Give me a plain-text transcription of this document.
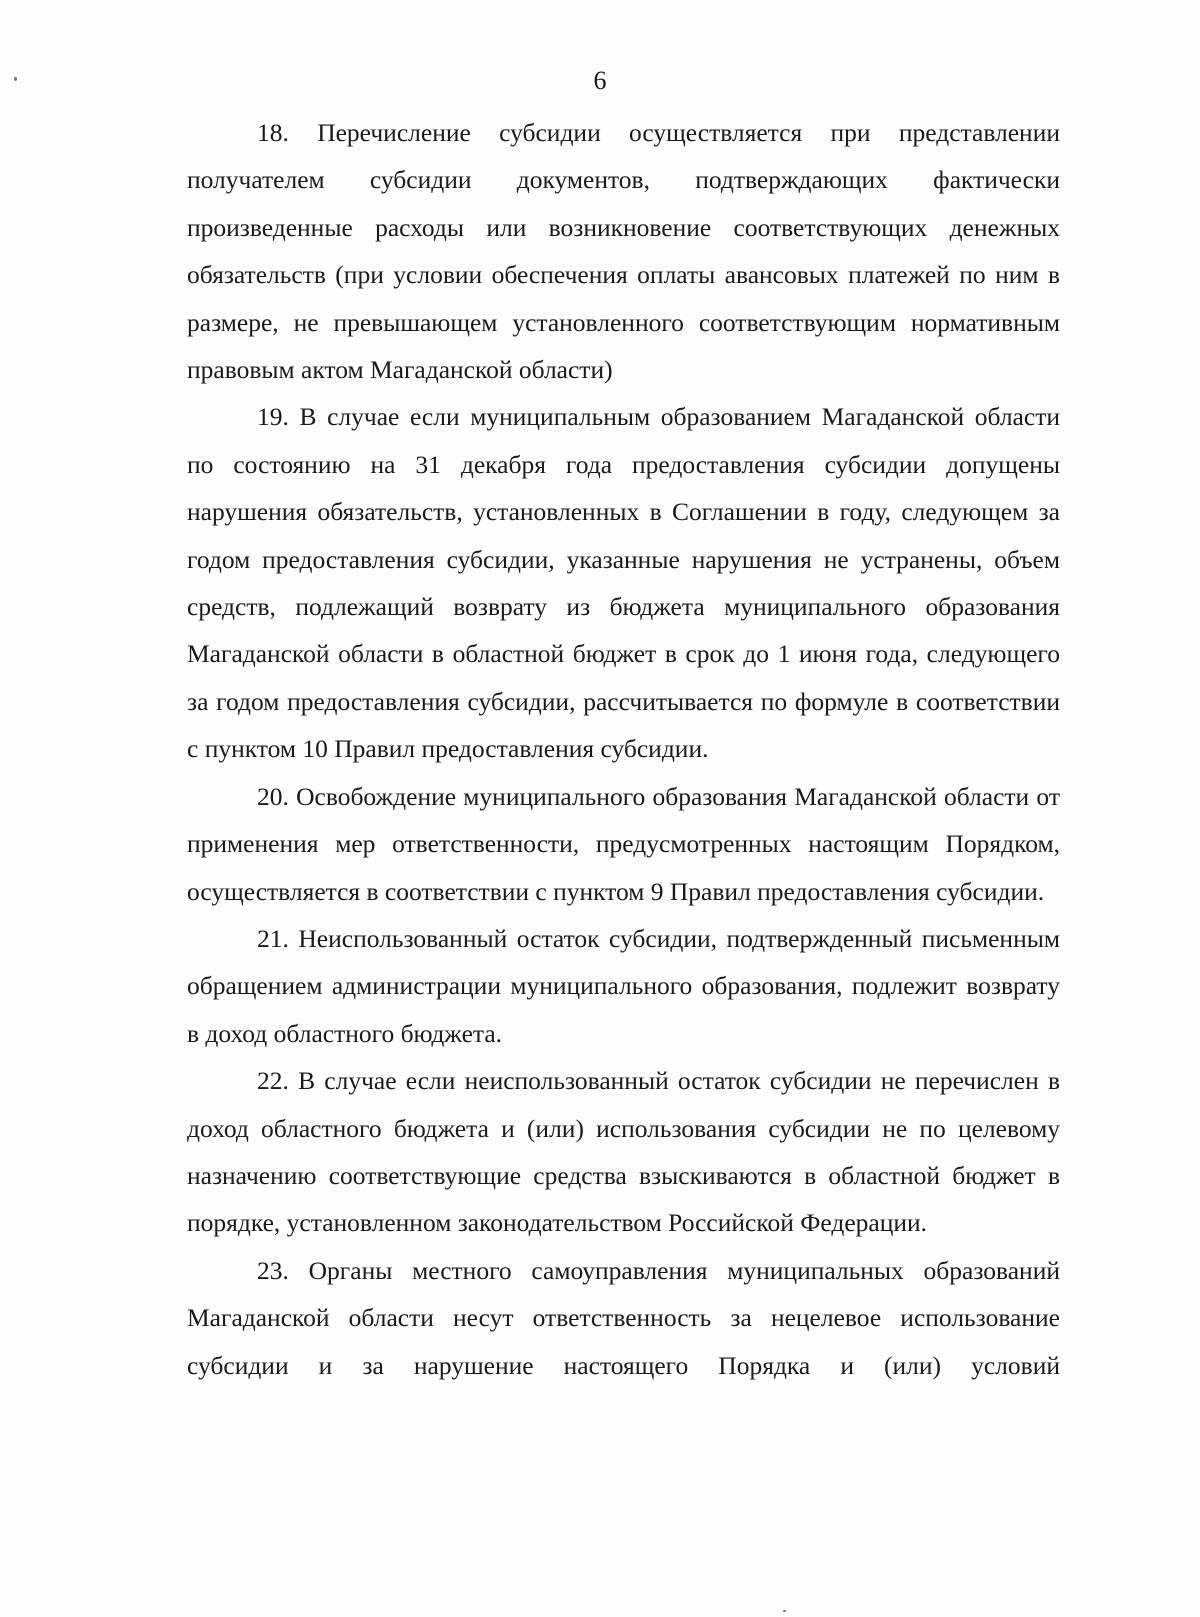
6

18. Перечисление субсидии осуществляется при представлении получателем субсидии документов, подтверждающих фактически произведенные расходы или возникновение соответствующих денежных обязательств (при условии обеспечения оплаты авансовых платежей по ним в размере, не превышающем установленного соответствующим нормативным правовым актом Магаданской области)

19. В случае если муниципальным образованием Магаданской области по состоянию на 31 декабря года предоставления субсидии допущены нарушения обязательств, установленных в Соглашении в году, следующем за годом предоставления субсидии, указанные нарушения не устранены, объем средств, подлежащий возврату из бюджета муниципального образования Магаданской области в областной бюджет в срок до 1 июня года, следующего за годом предоставления субсидии, рассчитывается по формуле в соответствии с пунктом 10 Правил предоставления субсидии.

20. Освобождение муниципального образования Магаданской области от применения мер ответственности, предусмотренных настоящим Порядком, осуществляется в соответствии с пунктом 9 Правил предоставления субсидии.

21. Неиспользованный остаток субсидии, подтвержденный письменным обращением администрации муниципального образования, подлежит возврату в доход областного бюджета.

22. В случае если неиспользованный остаток субсидии не перечислен в доход областного бюджета и (или) использования субсидии не по целевому назначению соответствующие средства взыскиваются в областной бюджет в порядке, установленном законодательством Российской Федерации.

23. Органы местного самоуправления муниципальных образований Магаданской области несут ответственность за нецелевое использование субсидии и за нарушение настоящего Порядка и (или) условий
